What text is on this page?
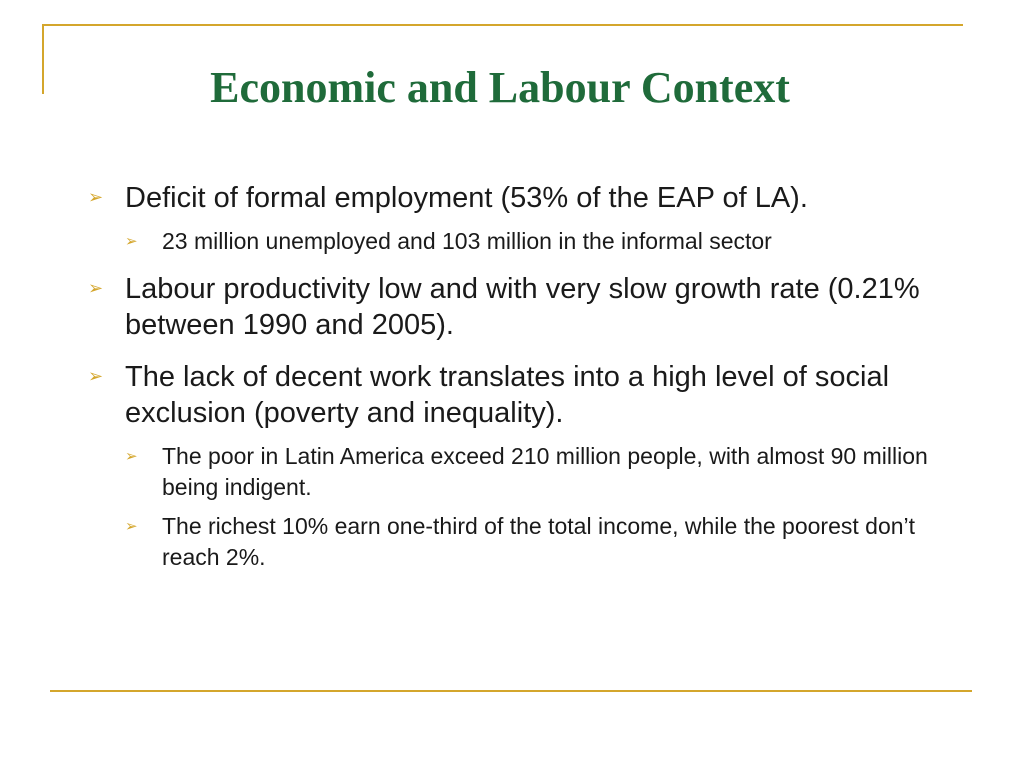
Economic and Labour Context
➢ Deficit of formal employment (53% of the EAP of LA).
➢ 23 million unemployed and 103 million in the informal sector
➢ Labour productivity low and with very slow growth rate (0.21% between 1990 and 2005).
➢ The lack of decent work translates into a high level of social exclusion (poverty and inequality).
➢ The poor in Latin America exceed 210 million people, with almost 90 million being indigent.
➢ The richest 10% earn one-third of the total income, while the poorest don’t reach 2%.
